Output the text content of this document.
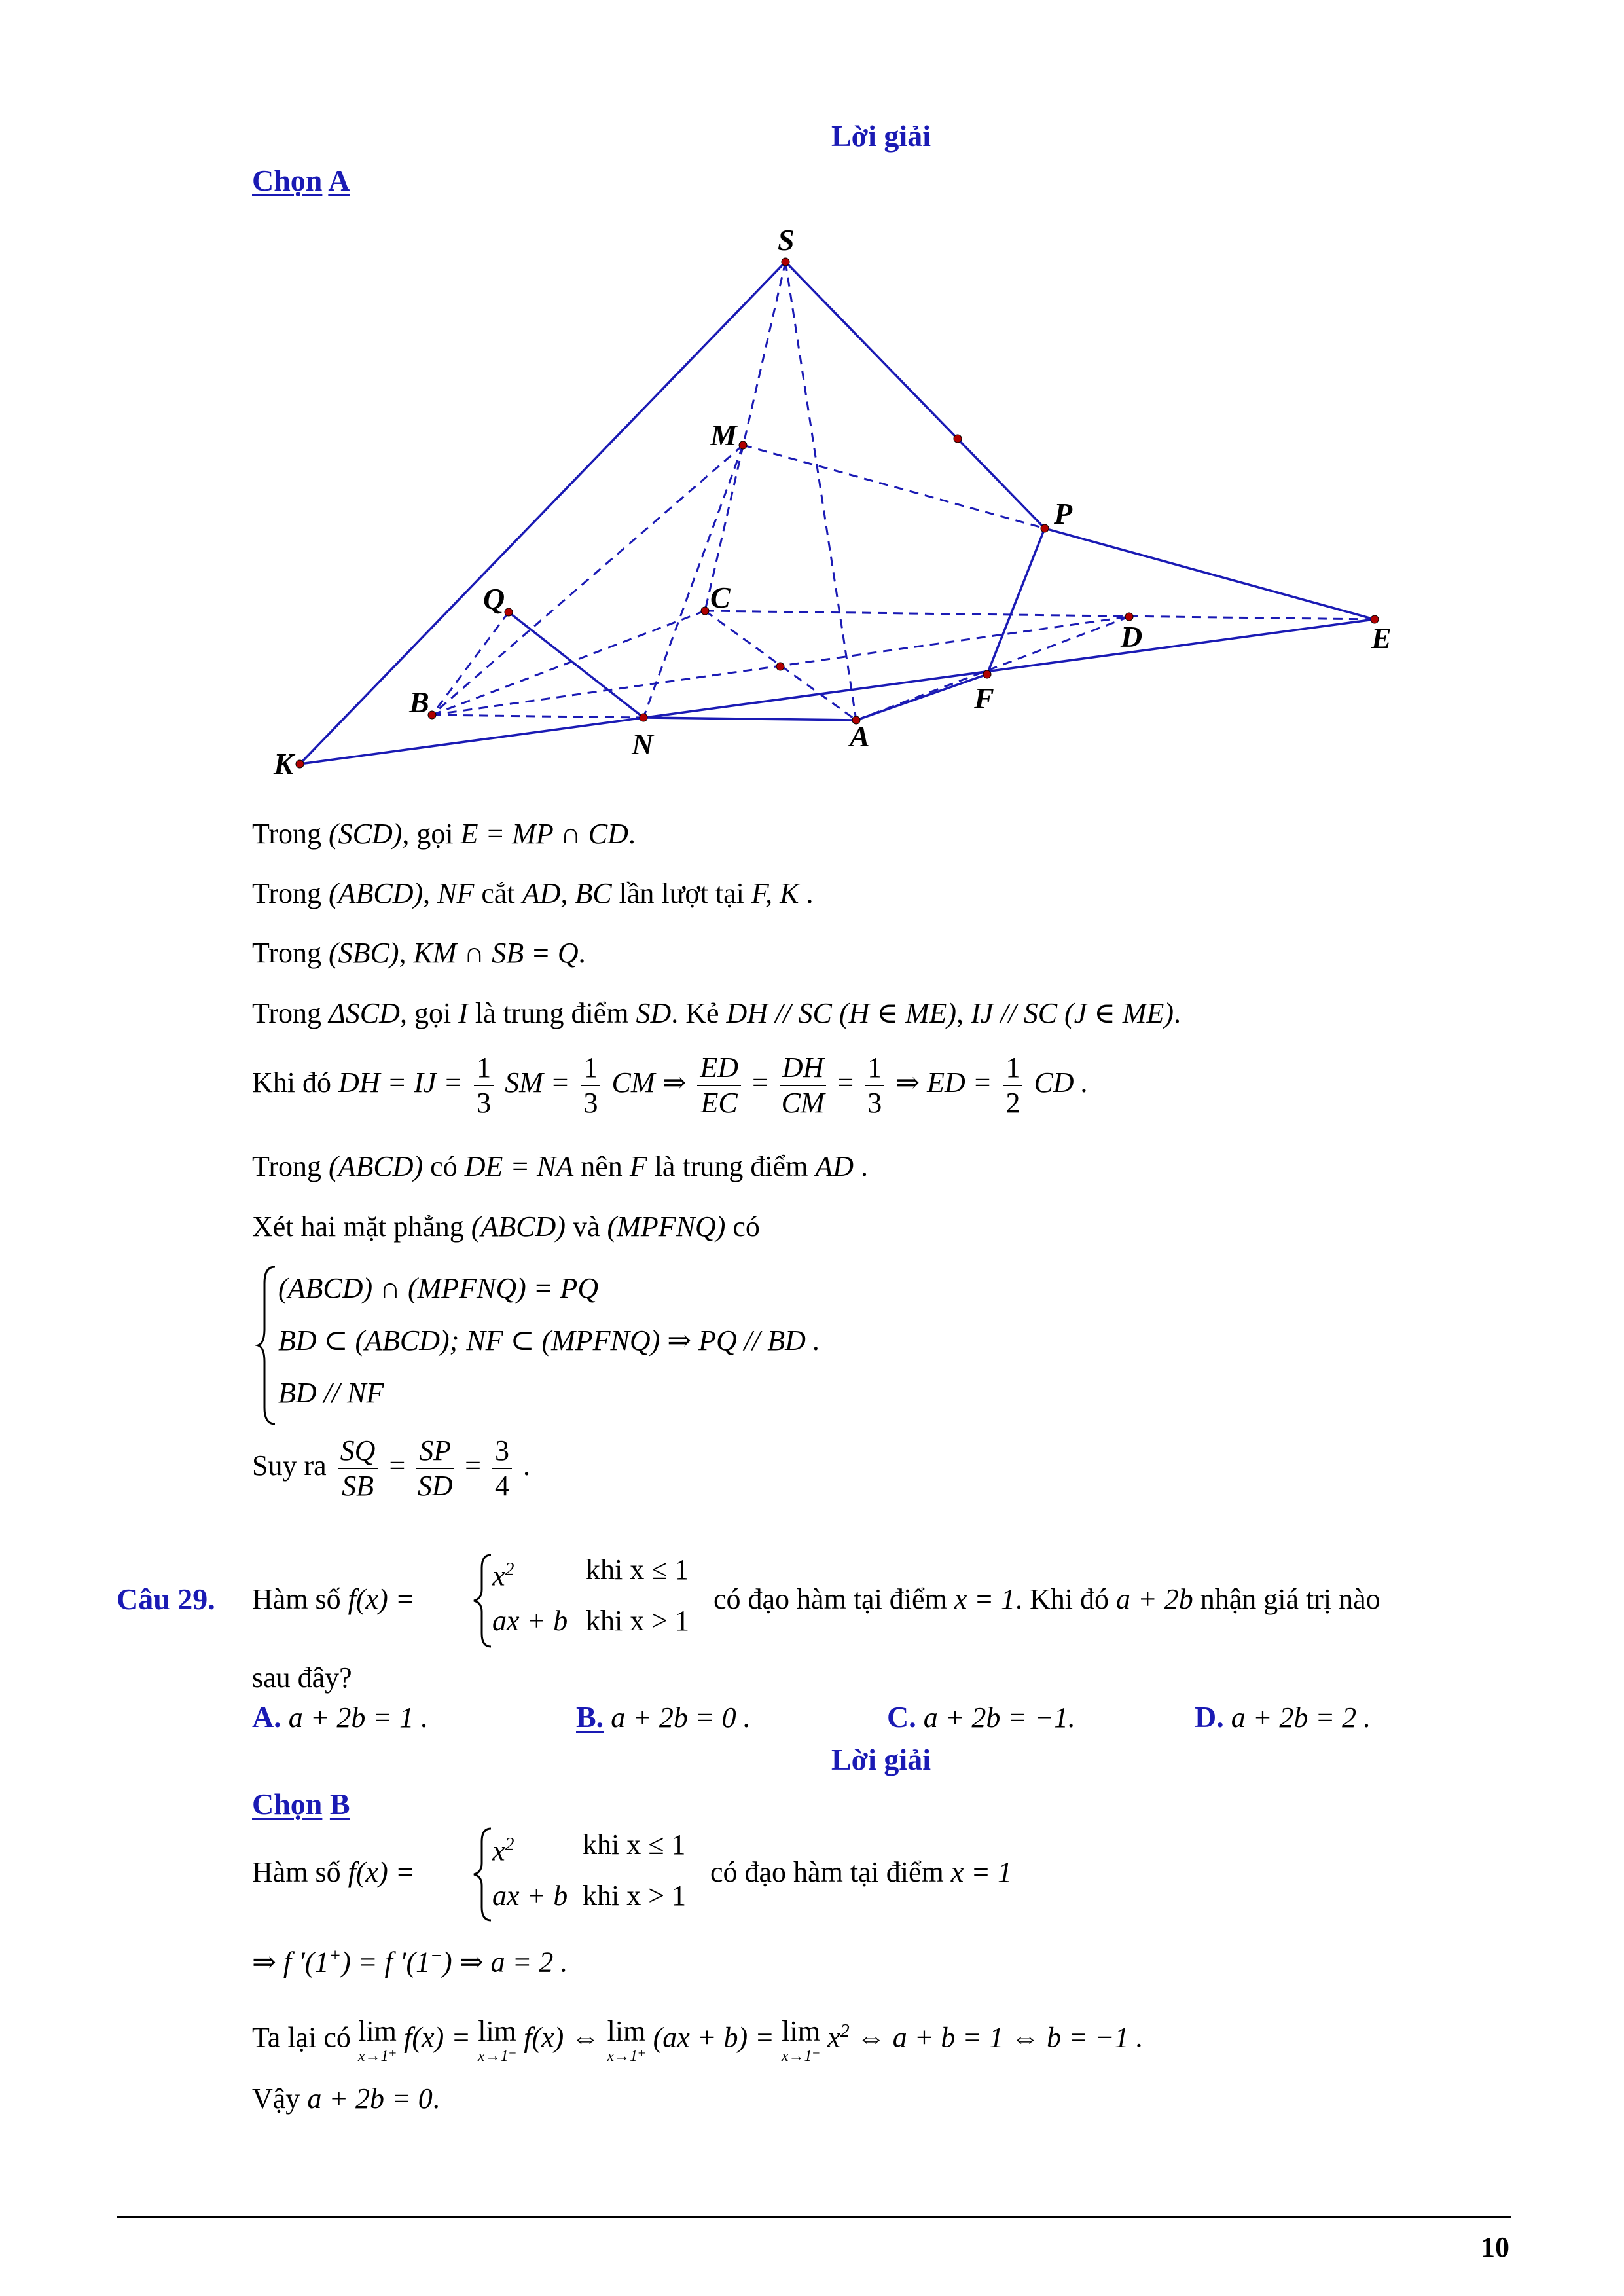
Lời giải
Chọn A
S
M
P
Q	C
D	E
B	F
N	A
K
Trong (SCD), gọi E = MP ∩ CD.
Trong (ABCD), NF cắt AD, BC lần lượt tại F, K .
Trong (SBC), KM ∩ SB = Q.
Trong ΔSCD, gọi I là trung điểm SD. Kẻ DH // SC (H ∈ ME), IJ // SC (J ∈ ME).
Khi đó DH = IJ = $\frac{1}{3}$ SM = $\frac{1}{3}$ CM ⇒ $\frac{ED}{EC} = \frac{DH}{CM} = \frac{1}{3}$ ⇒ ED = $\frac{1}{2}$ CD .
Trong (ABCD) có DE = NA nên F là trung điểm AD .
Xét hai mặt phẳng (ABCD) và (MPFNQ) có
(ABCD) ∩ (MPFNQ) = PQ
BD ⊂ (ABCD); NF ⊂ (MPFNQ) ⇒ PQ // BD .
BD // NF
Suy ra $\frac{SQ}{SB} = \frac{SP}{SD} = \frac{3}{4}$ .
Câu 29. Hàm số f(x) =
$x^2$ khi x ≤ 1
ax + b khi x > 1
có đạo hàm tại điểm x = 1. Khi đó a + 2b nhận giá trị nào
sau đây?
A. a + 2b = 1 .	B. a + 2b = 0 .	C. a + 2b = −1.	D. a + 2b = 2 .
Lời giải
Chọn B
Hàm số f(x) =
$x^2$ khi x ≤ 1
ax + b khi x > 1
có đạo hàm tại điểm x = 1
⇒ f ′(1+) = f ′(1−) ⇒ a = 2 .
Ta lại có lim
x→1⁺
f(x) = lim
x→1⁻
f(x) ⇔ lim
x→1⁺
(ax + b) = lim
x→1⁻
$x^2$ ⇔ a + b = 1 ⇔ b = −1 .
Vậy a + 2b = 0.
10
